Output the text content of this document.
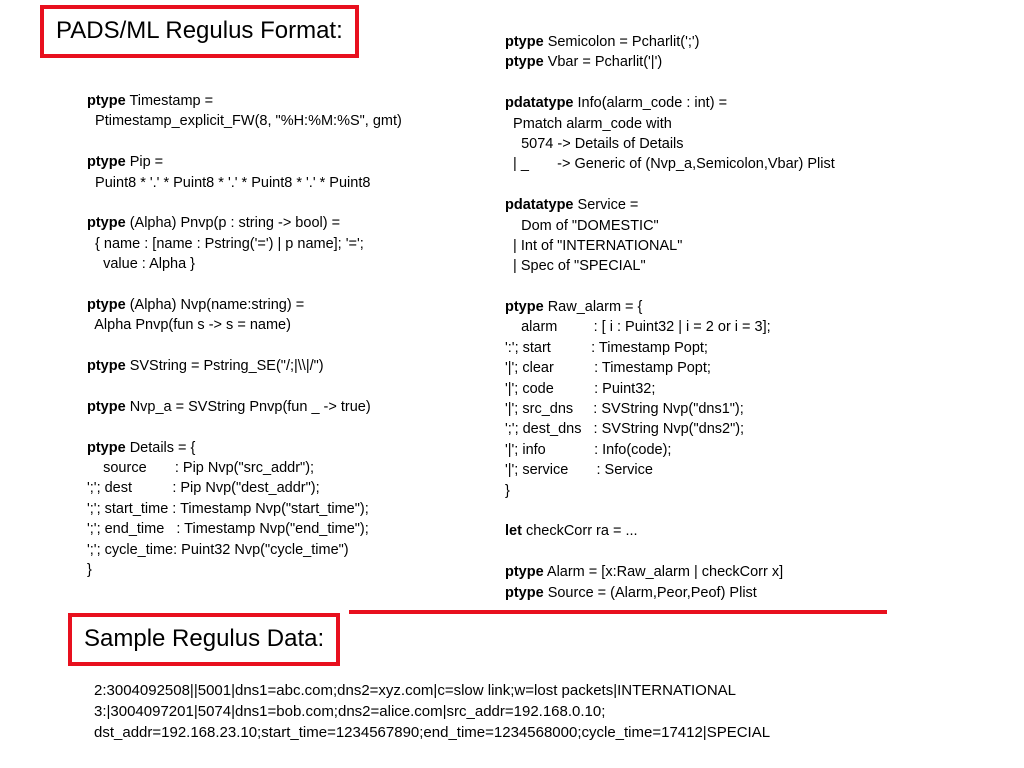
PADS/ML Regulus Format:
ptype Timestamp =
Ptimestamp_explicit_FW(8, "%H:%M:%S", gmt)
ptype Pip =
Puint8 * '.' * Puint8 * '.' * Puint8 * '.' * Puint8
ptype (Alpha) Pnvp(p : string -> bool) =
{ name : [name : Pstring('=') | p name]; '=';
value : Alpha }
ptype (Alpha) Nvp(name:string) =
Alpha Pnvp(fun s -> s = name)
ptype SVString = Pstring_SE("/;|\\|/")
ptype Nvp_a = SVString Pnvp(fun _ -> true)
ptype Details = {
source       : Pip Nvp("src_addr");
';'; dest          : Pip Nvp("dest_addr");
';'; start_time : Timestamp Nvp("start_time");
';'; end_time   : Timestamp Nvp("end_time");
';'; cycle_time: Puint32 Nvp("cycle_time")
}
ptype Semicolon = Pcharlit(';')
ptype Vbar = Pcharlit('|')
pdatatype Info(alarm_code : int) =
Pmatch alarm_code with
5074 -> Details of Details
| _       -> Generic of (Nvp_a,Semicolon,Vbar) Plist
pdatatype Service =
Dom of "DOMESTIC"
| Int of "INTERNATIONAL"
| Spec of "SPECIAL"
ptype Raw_alarm = {
alarm         : [ i : Puint32 | i = 2 or i = 3];
':'; start          : Timestamp Popt;
'|'; clear          : Timestamp Popt;
'|'; code          : Puint32;
'|'; src_dns     : SVString Nvp("dns1");
';'; dest_dns   : SVString Nvp("dns2");
'|'; info            : Info(code);
'|'; service       : Service
}
let checkCorr ra = ...
ptype Alarm = [x:Raw_alarm | checkCorr x]
ptype Source = (Alarm,Peor,Peof) Plist
Sample Regulus Data:
2:3004092508||5001|dns1=abc.com;dns2=xyz.com|c=slow link;w=lost packets|INTERNATIONAL
3:|3004097201|5074|dns1=bob.com;dns2=alice.com|src_addr=192.168.0.10;
dst_addr=192.168.23.10;start_time=1234567890;end_time=1234568000;cycle_time=17412|SPECIAL
